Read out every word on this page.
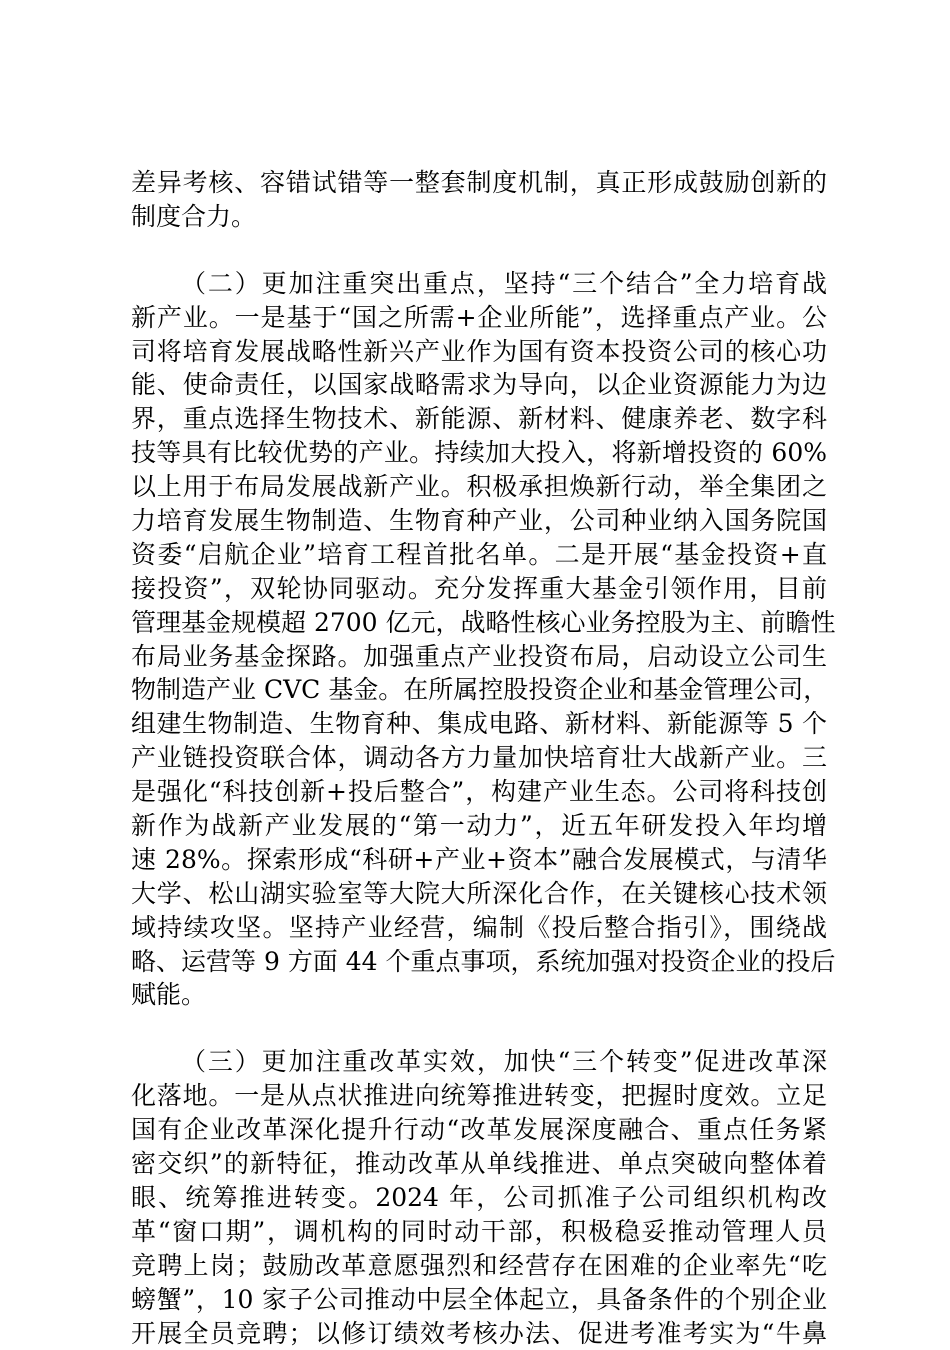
差异考核、容错试错等一整套制度机制，真正形成鼓励创新的
制度合力。

（二）更加注重突出重点，坚持“三个结合”全力培育战
新产业。一是基于“国之所需+企业所能”，选择重点产业。公
司将培育发展战略性新兴产业作为国有资本投资公司的核心功
能、使命责任，以国家战略需求为导向，以企业资源能力为边
界，重点选择生物技术、新能源、新材料、健康养老、数字科
技等具有比较优势的产业。持续加大投入，将新增投资的 60%
以上用于布局发展战新产业。积极承担焕新行动，举全集团之
力培育发展生物制造、生物育种产业，公司种业纳入国务院国
资委“启航企业”培育工程首批名单。二是开展“基金投资+直
接投资”，双轮协同驱动。充分发挥重大基金引领作用，目前
管理基金规模超 2700 亿元，战略性核心业务控股为主、前瞻性
布局业务基金探路。加强重点产业投资布局，启动设立公司生
物制造产业 CVC 基金。在所属控股投资企业和基金管理公司，
组建生物制造、生物育种、集成电路、新材料、新能源等 5 个
产业链投资联合体，调动各方力量加快培育壮大战新产业。三
是强化“科技创新+投后整合”，构建产业生态。公司将科技创
新作为战新产业发展的“第一动力”，近五年研发投入年均增
速 28%。探索形成“科研+产业+资本”融合发展模式，与清华
大学、松山湖实验室等大院大所深化合作，在关键核心技术领
域持续攻坚。坚持产业经营，编制《投后整合指引》，围绕战
略、运营等 9 方面 44 个重点事项，系统加强对投资企业的投后
赋能。

（三）更加注重改革实效，加快“三个转变”促进改革深
化落地。一是从点状推进向统筹推进转变，把握时度效。立足
国有企业改革深化提升行动“改革发展深度融合、重点任务紧
密交织”的新特征，推动改革从单线推进、单点突破向整体着
眼、统筹推进转变。2024 年，公司抓准子公司组织机构改
革“窗口期”，调机构的同时动干部，积极稳妥推动管理人员
竞聘上岗；鼓励改革意愿强烈和经营存在困难的企业率先“吃
螃蟹”，10 家子公司推动中层全体起立，具备条件的个别企业
开展全员竞聘；以修订绩效考核办法、促进考准考实为“牛鼻
